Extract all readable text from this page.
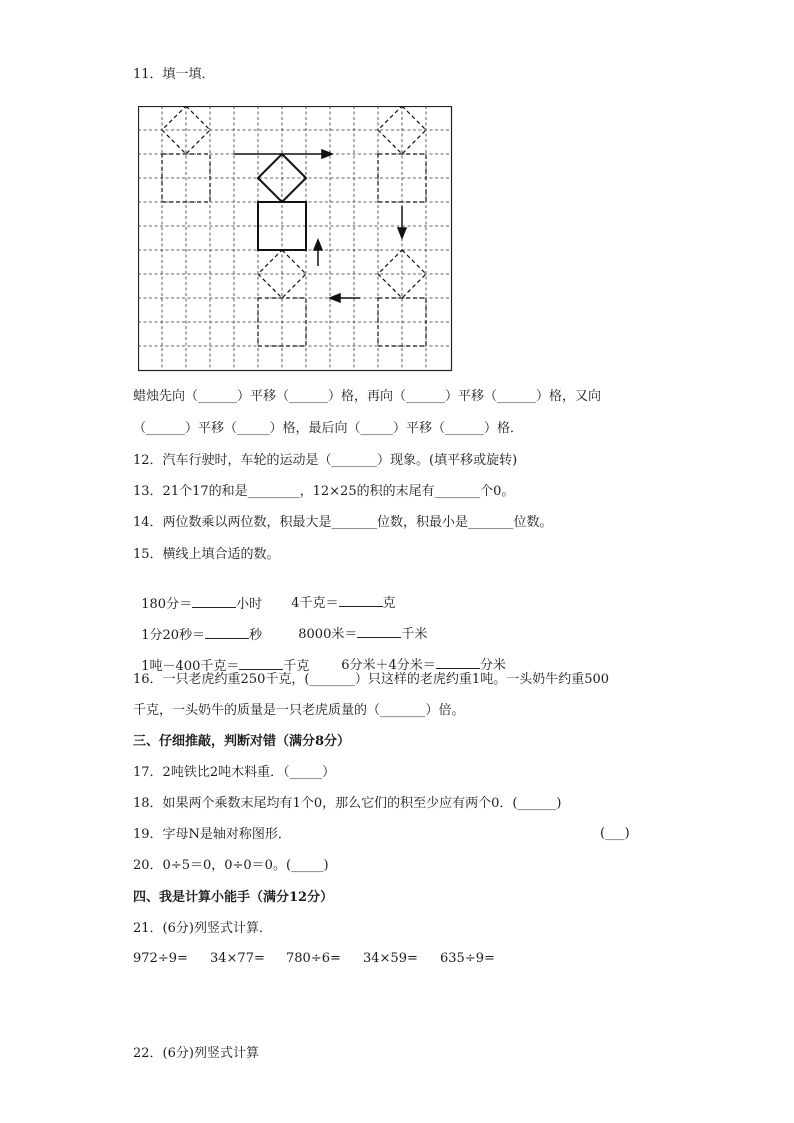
11．填一填．
蜡烛先向（______）平移（______）格，再向（______）平移（______）格，又向
（______）平移（_____）格，最后向（_____）平移（______）格．
12．汽车行驶时，车轮的运动是（_______）现象。(填平移或旋转)
13．21个17的和是________，12×25的积的末尾有_______个0。
14．两位数乘以两位数，积最大是_______位数，积最小是_______位数。
15．横线上填合适的数。

180分＝	小时	4千克＝	克

1分20秒＝	秒	8000米＝	千米

1吨－400千克＝	千克	6分米＋4分米＝	分米

16．一只老虎约重250千克，(_______）只这样的老虎约重1吨。一头奶牛约重500
千克，一头奶牛的质量是一只老虎质量的（_______）倍。
三、仔细推敲，判断对错（满分8分）
17．2吨铁比2吨木料重．（_____）
18．如果两个乘数末尾均有1个0，那么它们的积至少应有两个0．(______)
19．字母N是轴对称图形．	(___)
20．0÷5＝0，0÷0＝0。(_____)
四、我是计算小能手（满分12分）
21．(6分)列竖式计算．
972÷9= 34×77= 780÷6= 34×59= 635÷9=
22．(6分)列竖式计算
